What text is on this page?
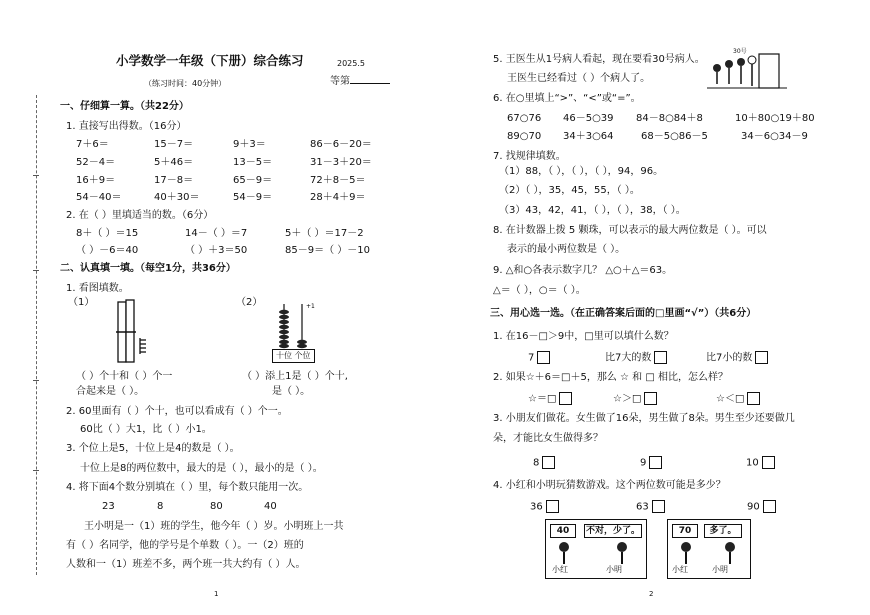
小学数学一年级（下册）综合练习	2025.5
（练习时间：40分钟）	等第
一、仔细算一算。（共22分）
1. 直接写出得数。（16分）
7＋6＝	15－7＝	9＋3＝	86－6－20＝
52－4＝	5＋46＝	13－5＝	31－3＋20＝
16＋9＝	17－8＝	65－9＝	72＋8－5＝
54－40＝	40＋30＝	54－9＝	28＋4＋9＝
2. 在（ ）里填适当的数。（6分）
8＋（ ）＝15	14－（ ）＝7	5＋（ ）＝17－2
（ ）－6＝40	（ ）＋3＝50	85－9＝（ ）－10
二、认真填一填。（每空1分，共36分）
1. 看图填数。
（1）	（2）	+1
十位 个位
（ ）个十和（ ）个一
合起来是（ ）。
（ ）添上1是（ ）个十,
是（ ）。
2. 60里面有（ ）个十，也可以看成有（ ）个一。
60比（ ）大1，比（ ）小1。
3. 个位上是5，十位上是4的数是（ ）。
十位上是8的两位数中，最大的是（ ），最小的是（ ）。
4. 将下面4个数分别填在（ ）里，每个数只能用一次。
23	8	80	40
王小明是一（1）班的学生，他今年（ ）岁。小明班上一共
有（ ）名同学，他的学号是个单数（ ）。一（2）班的
人数和一（1）班差不多，两个班一共大约有（ ）人。
1
5. 王医生从1号病人看起，现在要看30号病人。
王医生已经看过（ ）个病人了。
30号
6. 在○里填上“>”、“<”或“=”。
67○76 46－5○39 84－8○84＋8	10＋80○19＋80
89○70 34＋3○64	68－5○86－5	34－6○34－9
7. 找规律填数。
（1）88，（ ），（ ），（ ），94，96。
（2）（ ），35，45，55，（ ）。
（3）43，42，41，（ ），（ ），38，（ ）。
8. 在计数器上拨 5 颗珠，可以表示的最大两位数是（ ）。可以
表示的最小两位数是（ ）。
9. △和○各表示数字几？ △○＋△＝63。
△＝（ ），○＝（ ）。
三、用心选一选。（在正确答案后面的□里画“√”）（共6分）
1. 在16－□＞9中，□里可以填什么数？
7	比7大的数	比7小的数
2. 如果☆＋6＝□＋5，那么 ☆ 和 □ 相比，怎么样？
☆＝□	☆＞□	☆＜□
3. 小朋友们做花。女生做了16朵，男生做了8朵。男生至少还要做几
朵，才能比女生做得多？
8	9	10
4. 小红和小明玩猜数游戏。这个两位数可能是多少？
36	63	90
40	不对，少了。
小红	小明
70	多了。
小红	小明
2
